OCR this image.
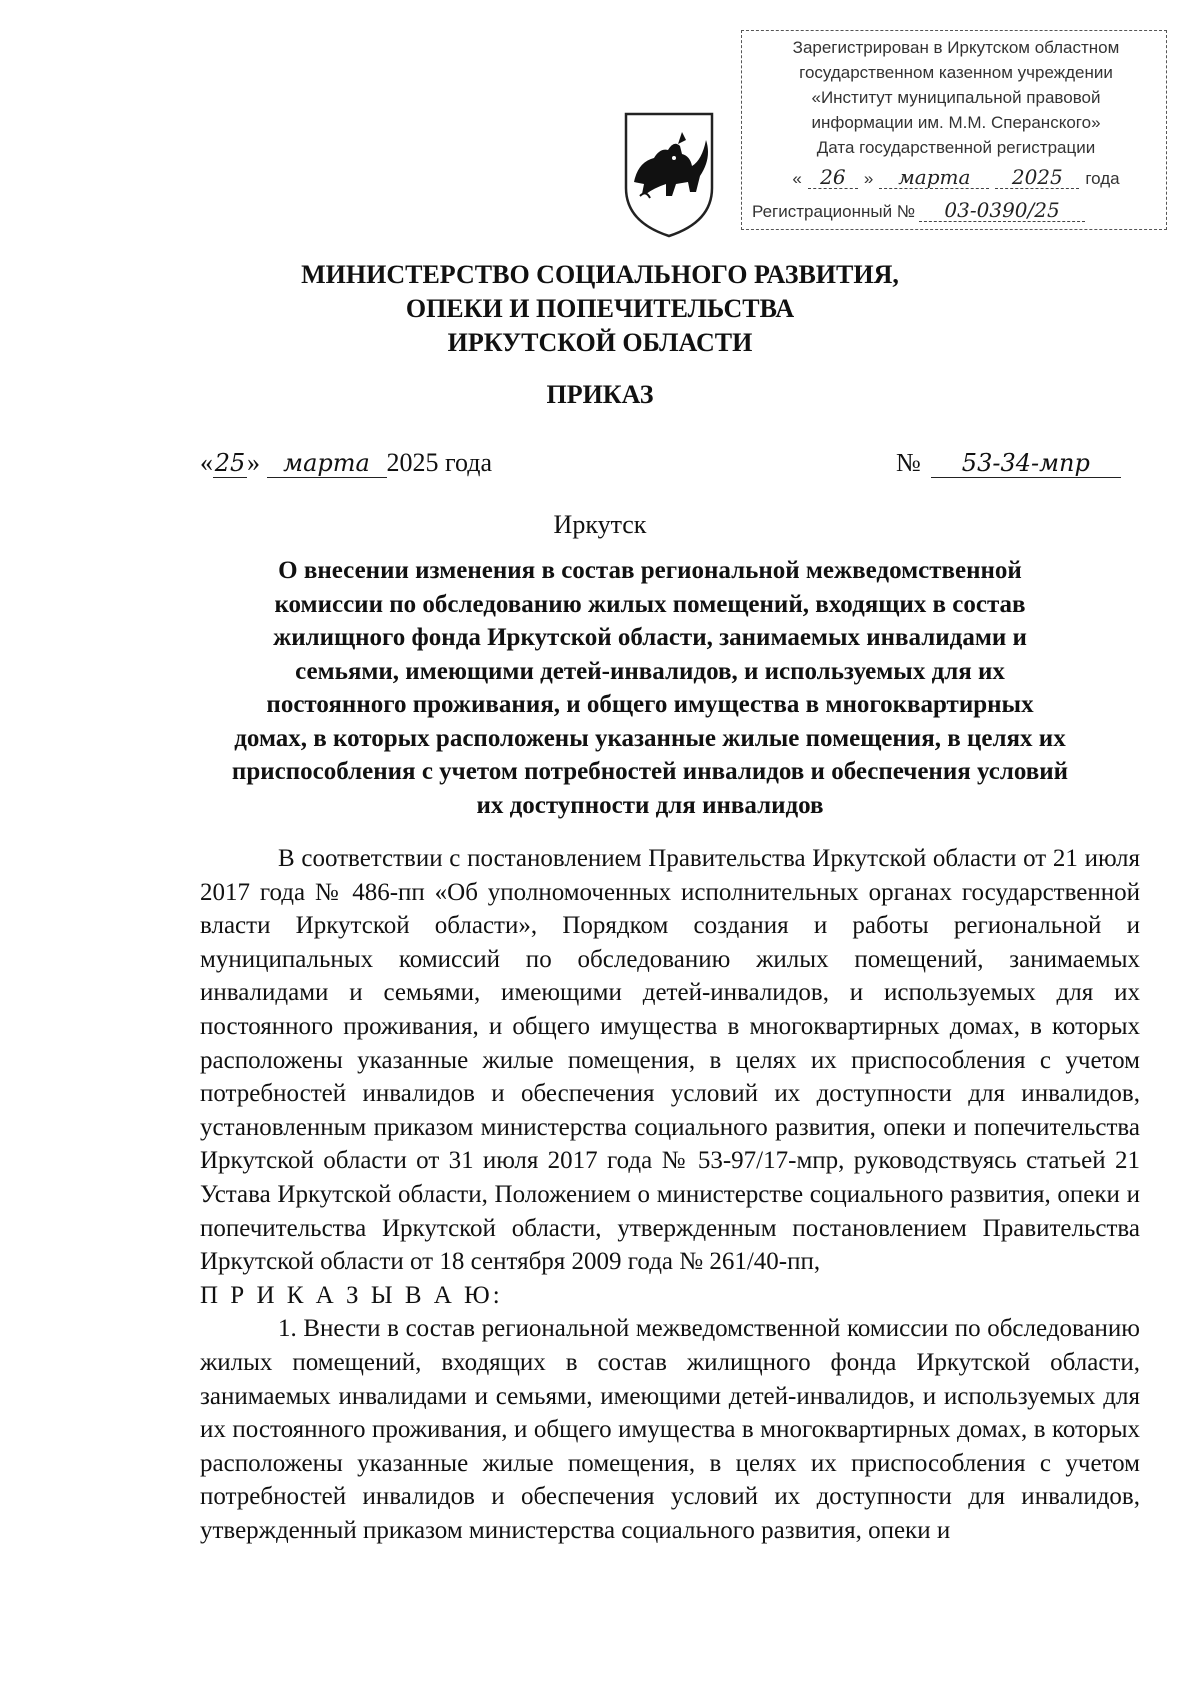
Зарегистрирован в Иркутском областном
государственном казенном учреждении
«Институт муниципальной правовой
информации им. М.М. Сперанского»
Дата государственной регистрации
« 26	»	марта	2025	года
Регистрационный №	03-0390/25
МИНИСТЕРСТВО СОЦИАЛЬНОГО РАЗВИТИЯ,
ОПЕКИ И ПОПЕЧИТЕЛЬСТВА
ИРКУТСКОЙ ОБЛАСТИ
ПРИКАЗ
«25» марта 2025 года	№ 53-34-мпр
Иркутск
О внесении изменения в состав региональной межведомственной комиссии по обследованию жилых помещений, входящих в состав жилищного фонда Иркутской области, занимаемых инвалидами и семьями, имеющими детей-инвалидов, и используемых для их постоянного проживания, и общего имущества в многоквартирных домах, в которых расположены указанные жилые помещения, в целях их приспособления с учетом потребностей инвалидов и обеспечения условий их доступности для инвалидов

В соответствии с постановлением Правительства Иркутской области от 21 июля 2017 года № 486-пп «Об уполномоченных исполнительных органах государственной власти Иркутской области», Порядком создания и работы региональной и муниципальных комиссий по обследованию жилых помещений, занимаемых инвалидами и семьями, имеющими детей-инвалидов, и используемых для их постоянного проживания, и общего имущества в многоквартирных домах, в которых расположены указанные жилые помещения, в целях их приспособления с учетом потребностей инвалидов и обеспечения условий их доступности для инвалидов, установленным приказом министерства социального развития, опеки и попечительства Иркутской области от 31 июля 2017 года № 53-97/17-мпр, руководствуясь статьей 21 Устава Иркутской области, Положением о министерстве социального развития, опеки и попечительства Иркутской области, утвержденным постановлением Правительства Иркутской области от 18 сентября 2009 года № 261/40-пп,

П Р И К А З Ы В А Ю:

1. Внести в состав региональной межведомственной комиссии по обследованию жилых помещений, входящих в состав жилищного фонда Иркутской области, занимаемых инвалидами и семьями, имеющими детей-инвалидов, и используемых для их постоянного проживания, и общего имущества в многоквартирных домах, в которых расположены указанные жилые помещения, в целях их приспособления с учетом потребностей инвалидов и обеспечения условий их доступности для инвалидов, утвержденный приказом министерства социального развития, опеки и
